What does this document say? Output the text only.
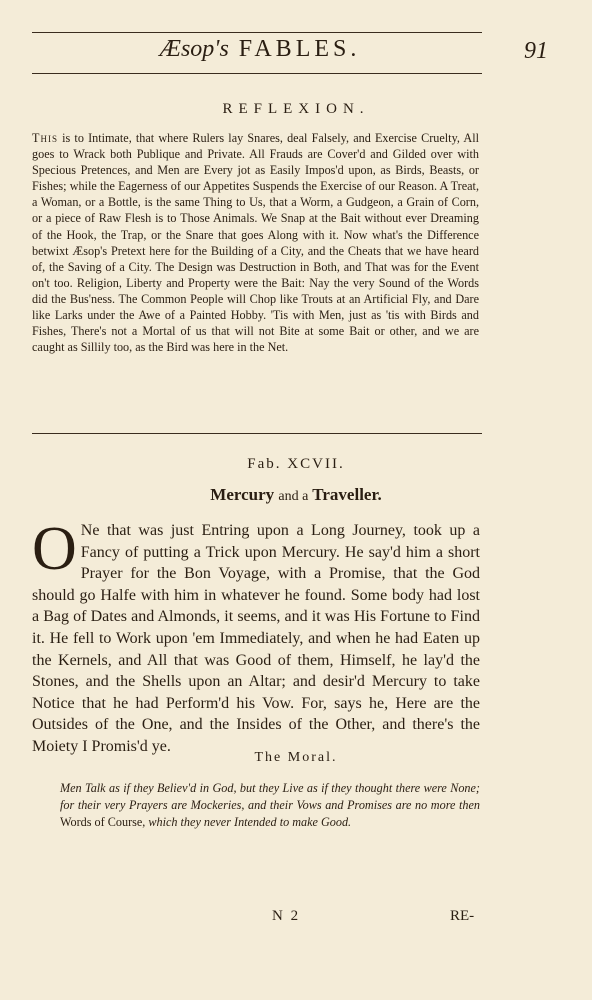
Æsop's FABLES.	91
REFLEXION.

This is to Intimate, that where Rulers lay Snares, deal Falsely, and Exercise Cruelty, All goes to Wrack both Publique and Private. All Frauds are Cover'd and Gilded over with Specious Pretences, and Men are Every jot as Easily Impos'd upon, as Birds, Beasts, or Fishes; while the Eagerness of our Appetites Suspends the Exercise of our Reason. A Treat, a Woman, or a Bottle, is the same Thing to Us, that a Worm, a Gudgeon, a Grain of Corn, or a piece of Raw Flesh is to Those Animals. We Snap at the Bait without ever Dreaming of the Hook, the Trap, or the Snare that goes Along with it. Now what's the Difference betwixt Æsop's Pretext here for the Building of a City, and the Cheats that we have heard of, the Saving of a City. The Design was Destruction in Both, and That was for the Event on't too. Religion, Liberty and Property were the Bait: Nay the very Sound of the Words did the Bus'ness. The Common People will Chop like Trouts at an Artificial Fly, and Dare like Larks under the Awe of a Painted Hobby. 'Tis with Men, just as 'tis with Birds and Fishes, There's not a Mortal of us that will not Bite at some Bait or other, and we are caught as Sillily too, as the Bird was here in the Net.

Fab. XCVII.
Mercury and a Traveller.
O Ne that was just Entring upon a Long Journey, took up a Fancy of putting a Trick upon Mercury. He say'd him a short Prayer for the Bon Voyage, with a Promise, that the God should go Halfe with him in whatever he found. Some body had lost a Bag of Dates and Almonds, it seems, and it was His Fortune to Find it. He fell to Work upon 'em Immediately, and when he had Eaten up the Kernels, and All that was Good of them, Himself, he lay'd the Stones, and the Shells upon an Altar; and desir'd Mercury to take Notice that he had Perform'd his Vow. For, says he, Here are the Outsides of the One, and the Insides of the Other, and there's the Moiety I Promis'd ye.

The Moral.
Men Talk as if they Believ'd in God, but they Live as if they thought there were None; for their very Prayers are Mockeries, and their Vows and Promises are no more then Words of Course, which they never Intended to make Good.
N 2	RE-
